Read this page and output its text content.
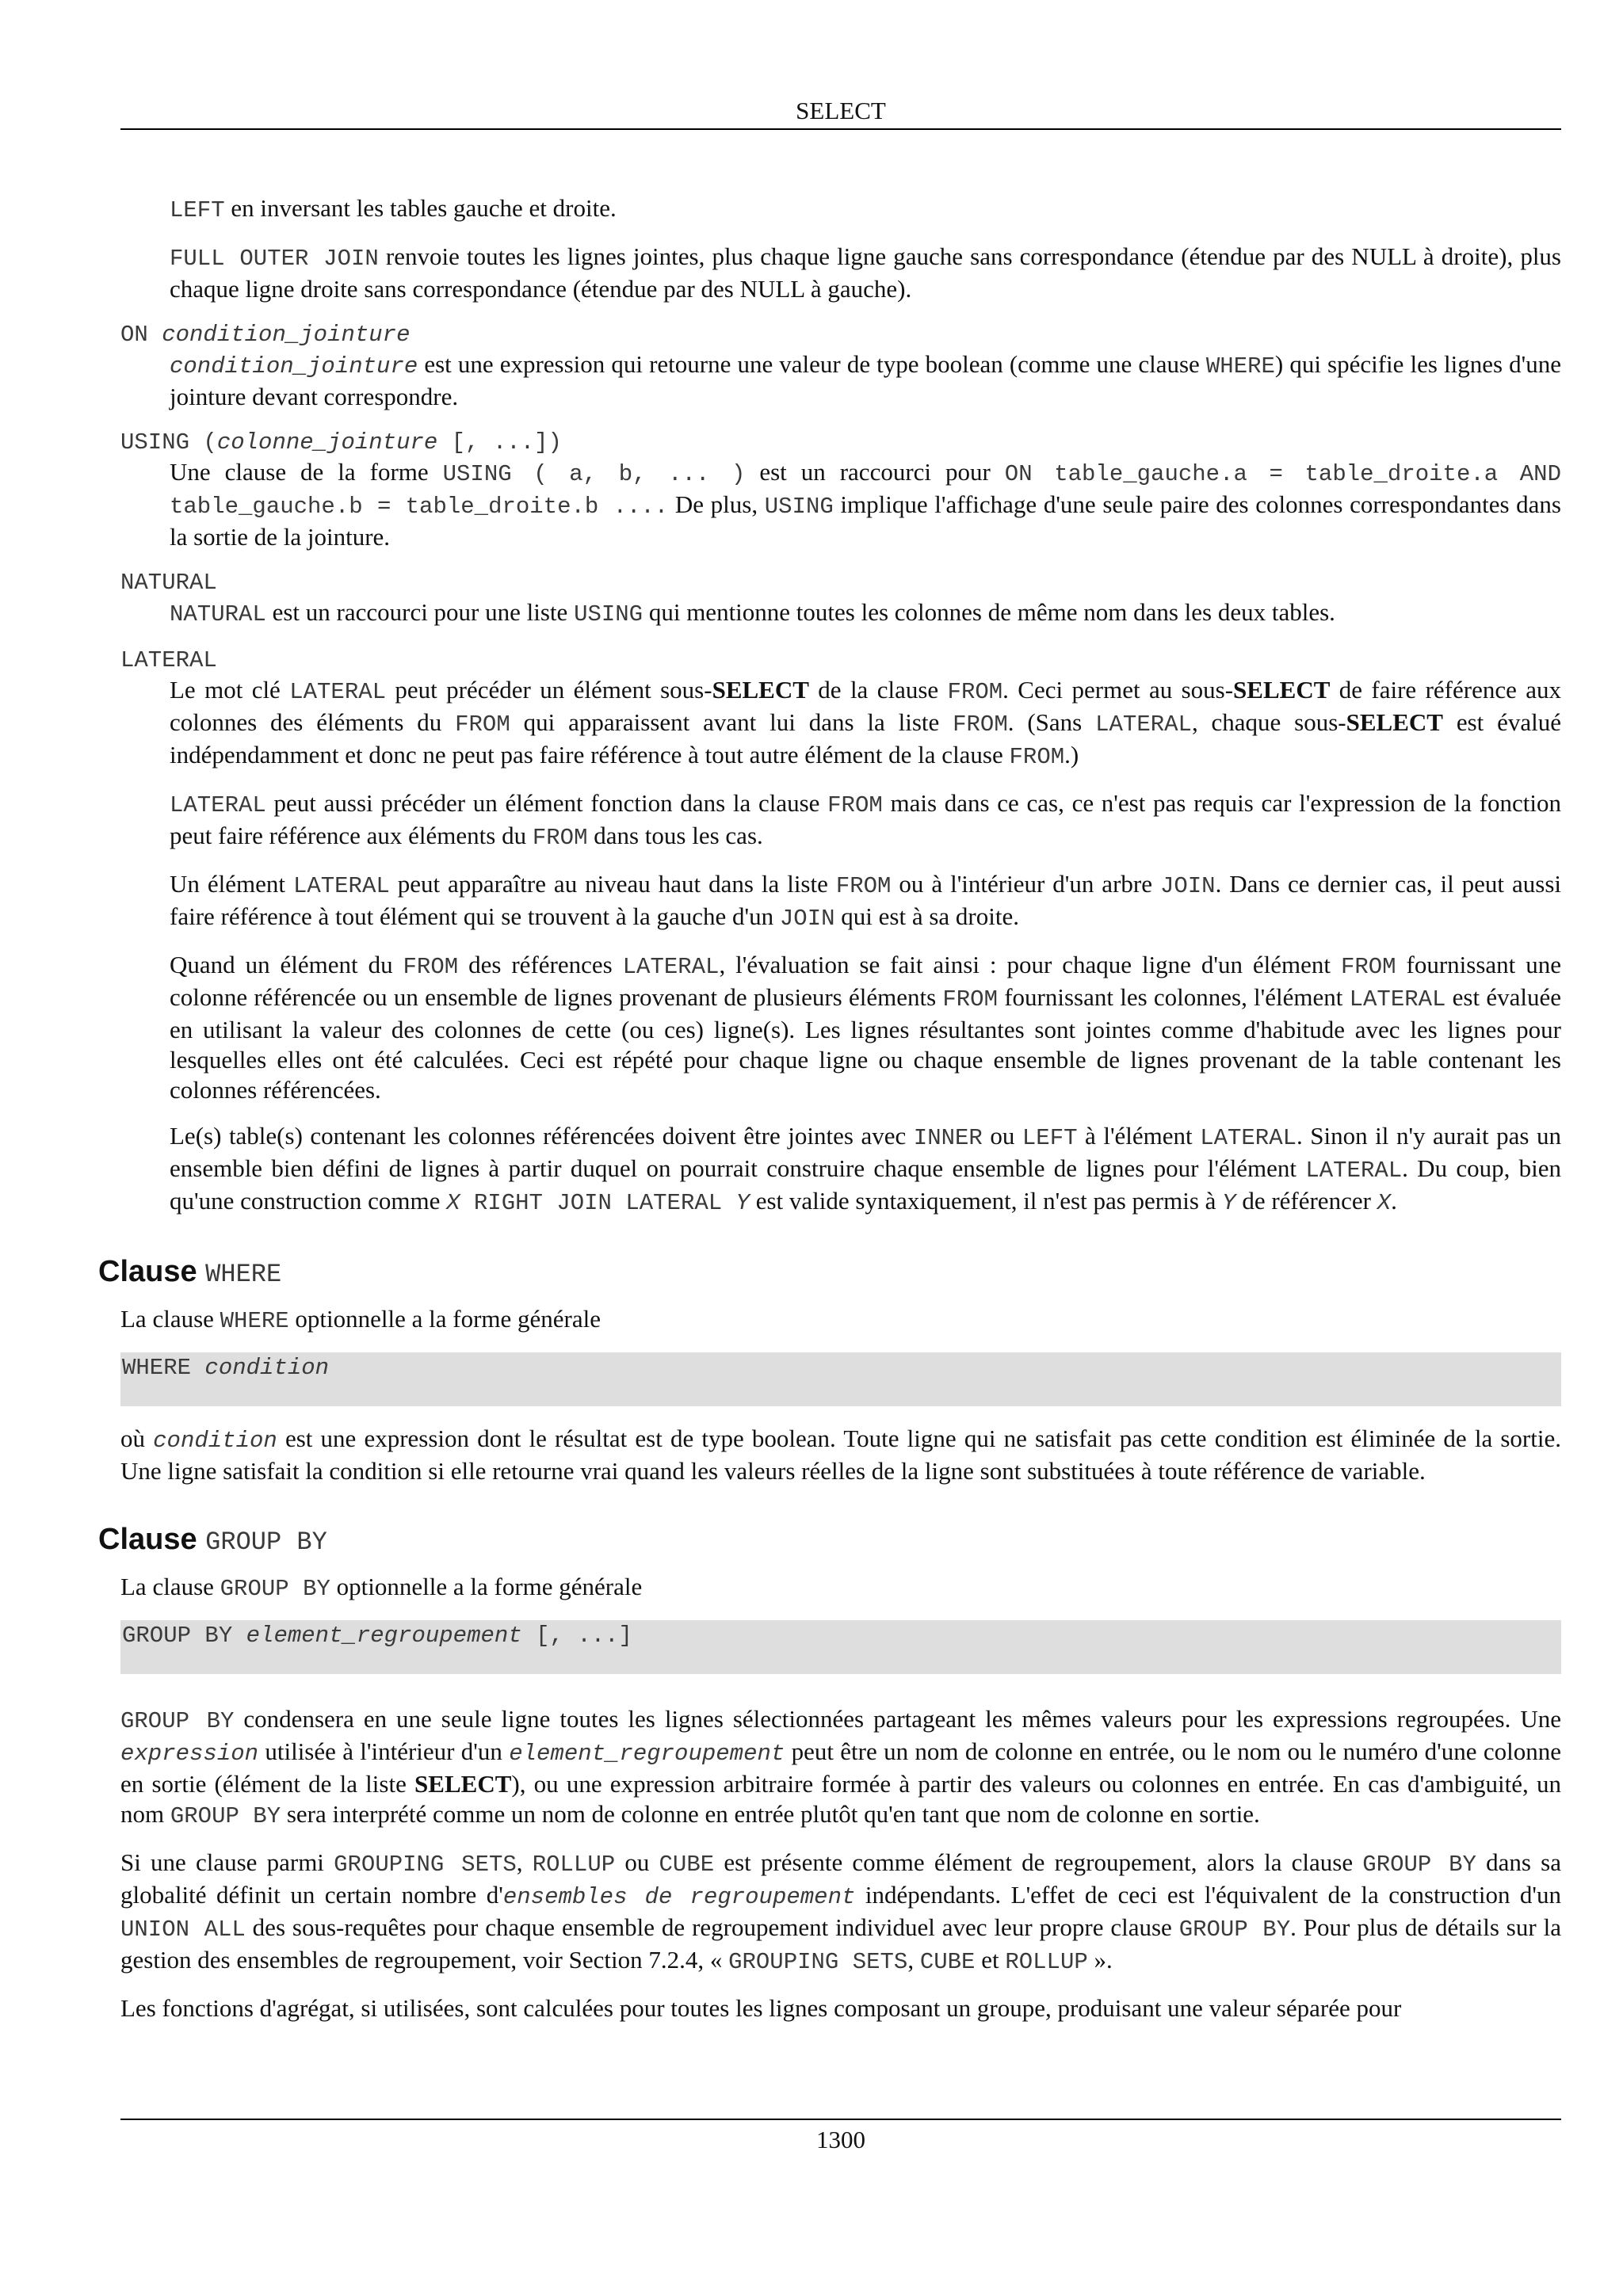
SELECT

LEFT en inversant les tables gauche et droite.

FULL OUTER JOIN renvoie toutes les lignes jointes, plus chaque ligne gauche sans correspondance (étendue par des NULL à droite), plus chaque ligne droite sans correspondance (étendue par des NULL à gauche).

ON condition_jointure

condition_jointure est une expression qui retourne une valeur de type boolean (comme une clause WHERE) qui spécifie les lignes d'une jointure devant correspondre.

USING (colonne_jointure [, ...])

Une clause de la forme USING ( a, b, ... ) est un raccourci pour ON table_gauche.a = table_droite.a AND table_gauche.b = table_droite.b .... De plus, USING implique l'affichage d'une seule paire des colonnes correspondantes dans la sortie de la jointure.

NATURAL

NATURAL est un raccourci pour une liste USING qui mentionne toutes les colonnes de même nom dans les deux tables.

LATERAL

Le mot clé LATERAL peut précéder un élément sous-SELECT de la clause FROM. Ceci permet au sous-SELECT de faire référence aux colonnes des éléments du FROM qui apparaissent avant lui dans la liste FROM. (Sans LATERAL, chaque sous-SELECT est évalué indépendamment et donc ne peut pas faire référence à tout autre élément de la clause FROM.)

LATERAL peut aussi précéder un élément fonction dans la clause FROM mais dans ce cas, ce n'est pas requis car l'expression de la fonction peut faire référence aux éléments du FROM dans tous les cas.

Un élément LATERAL peut apparaître au niveau haut dans la liste FROM ou à l'intérieur d'un arbre JOIN. Dans ce dernier cas, il peut aussi faire référence à tout élément qui se trouvent à la gauche d'un JOIN qui est à sa droite.

Quand un élément du FROM des références LATERAL, l'évaluation se fait ainsi : pour chaque ligne d'un élément FROM fournissant une colonne référencée ou un ensemble de lignes provenant de plusieurs éléments FROM fournissant les colonnes, l'élément LATERAL est évaluée en utilisant la valeur des colonnes de cette (ou ces) ligne(s). Les lignes résultantes sont jointes comme d'habitude avec les lignes pour lesquelles elles ont été calculées. Ceci est répété pour chaque ligne ou chaque ensemble de lignes provenant de la table contenant les colonnes référencées.

Le(s) table(s) contenant les colonnes référencées doivent être jointes avec INNER ou LEFT à l'élément LATERAL. Sinon il n'y aurait pas un ensemble bien défini de lignes à partir duquel on pourrait construire chaque ensemble de lignes pour l'élément LATERAL. Du coup, bien qu'une construction comme X RIGHT JOIN LATERAL Y est valide syntaxiquement, il n'est pas permis à Y de référencer X.

Clause WHERE

La clause WHERE optionnelle a la forme générale

WHERE condition

où condition est une expression dont le résultat est de type boolean. Toute ligne qui ne satisfait pas cette condition est éliminée de la sortie. Une ligne satisfait la condition si elle retourne vrai quand les valeurs réelles de la ligne sont substituées à toute référence de variable.

Clause GROUP BY

La clause GROUP BY optionnelle a la forme générale

GROUP BY element_regroupement [, ...]

GROUP BY condensera en une seule ligne toutes les lignes sélectionnées partageant les mêmes valeurs pour les expressions regroupées. Une expression utilisée à l'intérieur d'un element_regroupement peut être un nom de colonne en entrée, ou le nom ou le numéro d'une colonne en sortie (élément de la liste SELECT), ou une expression arbitraire formée à partir des valeurs ou colonnes en entrée. En cas d'ambiguité, un nom GROUP BY sera interprété comme un nom de colonne en entrée plutôt qu'en tant que nom de colonne en sortie.

Si une clause parmi GROUPING SETS, ROLLUP ou CUBE est présente comme élément de regroupement, alors la clause GROUP BY dans sa globalité définit un certain nombre d'ensembles de regroupement indépendants. L'effet de ceci est l'équivalent de la construction d'un UNION ALL des sous-requêtes pour chaque ensemble de regroupement individuel avec leur propre clause GROUP BY. Pour plus de détails sur la gestion des ensembles de regroupement, voir Section 7.2.4, « GROUPING SETS, CUBE et ROLLUP ».

Les fonctions d'agrégat, si utilisées, sont calculées pour toutes les lignes composant un groupe, produisant une valeur séparée pour

1300
